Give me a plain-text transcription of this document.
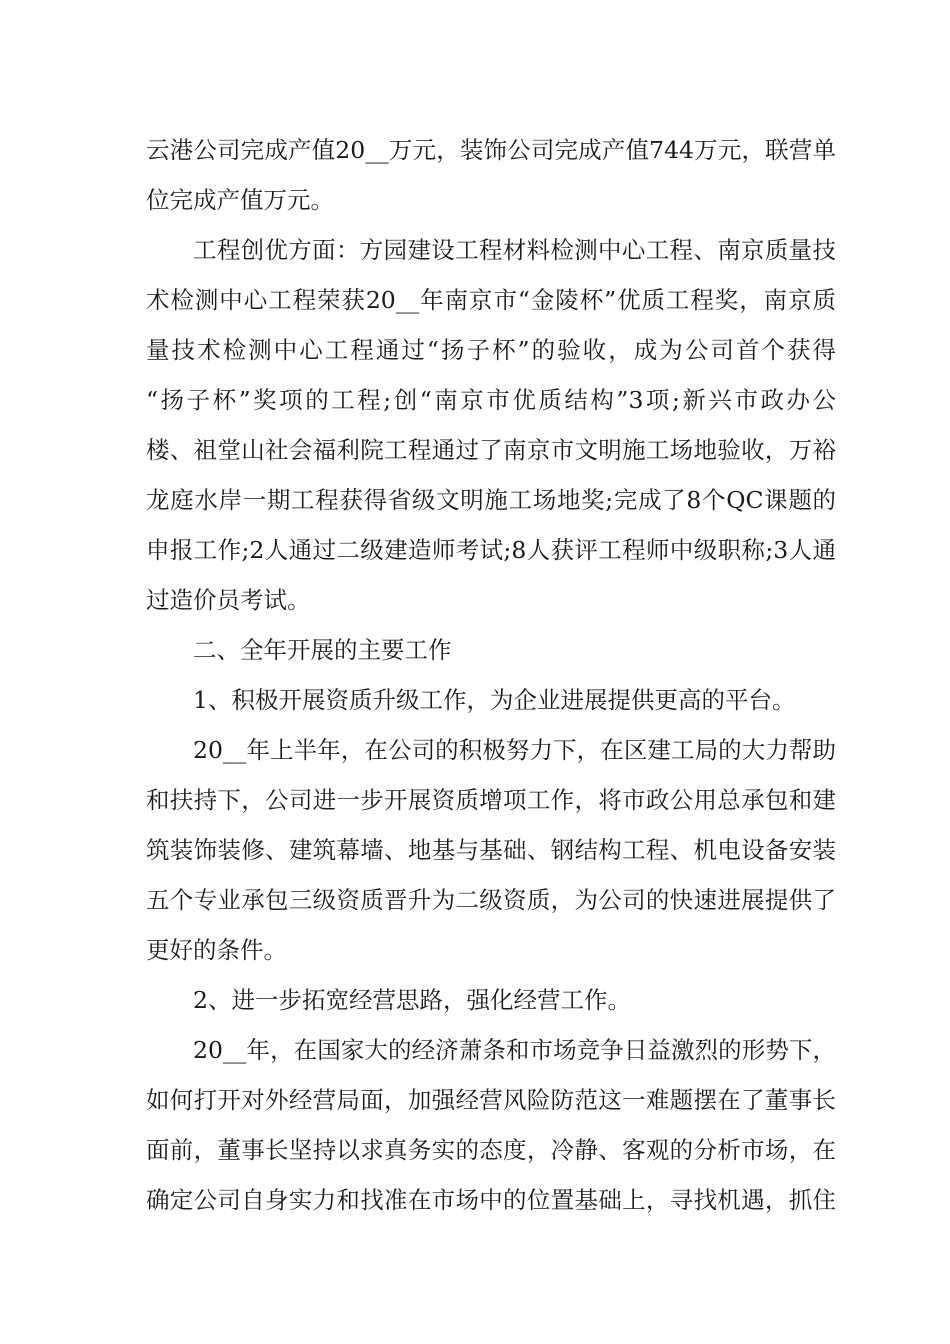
云港公司完成产值20__万元，装饰公司完成产值744万元，联营单
位完成产值万元。
工程创优方面：方园建设工程材料检测中心工程、南京质量技
术检测中心工程荣获20__年南京市“金陵杯”优质工程奖，南京质
量技术检测中心工程通过“扬子杯”的验收，成为公司首个获得
“扬子杯”奖项的工程;创“南京市优质结构”3项;新兴市政办公
楼、祖堂山社会福利院工程通过了南京市文明施工场地验收，万裕
龙庭水岸一期工程获得省级文明施工场地奖;完成了8个QC课题的
申报工作;2人通过二级建造师考试;8人获评工程师中级职称;3人通
过造价员考试。
二、全年开展的主要工作
1、积极开展资质升级工作，为企业进展提供更高的平台。
20__年上半年，在公司的积极努力下，在区建工局的大力帮助
和扶持下，公司进一步开展资质增项工作，将市政公用总承包和建
筑装饰装修、建筑幕墙、地基与基础、钢结构工程、机电设备安装
五个专业承包三级资质晋升为二级资质，为公司的快速进展提供了
更好的条件。
2、进一步拓宽经营思路，强化经营工作。
20__年，在国家大的经济萧条和市场竞争日益激烈的形势下，
如何打开对外经营局面，加强经营风险防范这一难题摆在了董事长
面前，董事长坚持以求真务实的态度，冷静、客观的分析市场，在
确定公司自身实力和找准在市场中的位置基础上，寻找机遇，抓住
